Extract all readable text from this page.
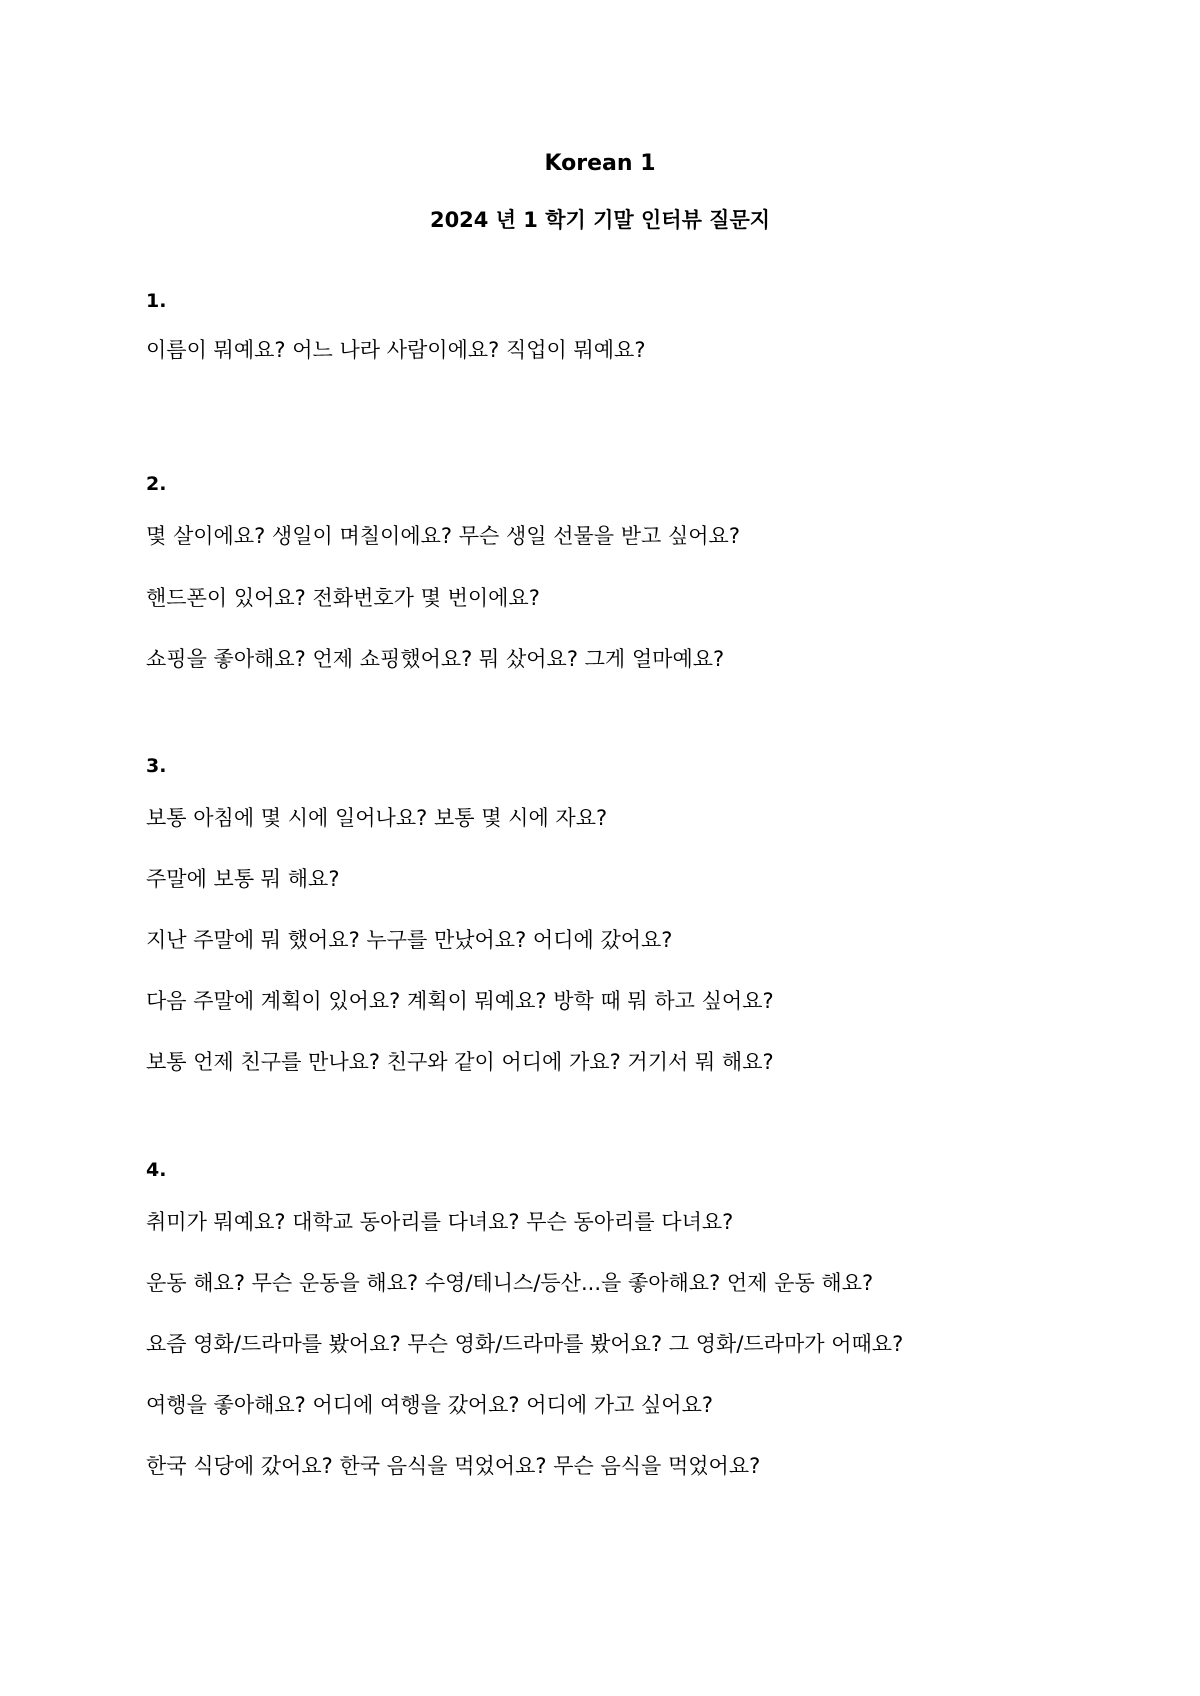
Korean 1
2024 년 1 학기 기말 인터뷰 질문지
1.
이름이 뭐예요? 어느 나라 사람이에요? 직업이 뭐예요?
2.
몇 살이에요? 생일이 며칠이에요? 무슨 생일 선물을 받고 싶어요?
핸드폰이 있어요? 전화번호가 몇 번이에요?
쇼핑을 좋아해요? 언제 쇼핑했어요? 뭐 샀어요? 그게 얼마예요?
3.
보통 아침에 몇 시에 일어나요? 보통 몇 시에 자요?
주말에 보통 뭐 해요?
지난 주말에 뭐 했어요? 누구를 만났어요? 어디에 갔어요?
다음 주말에 계획이 있어요? 계획이 뭐예요? 방학 때 뭐 하고 싶어요?
보통 언제 친구를 만나요? 친구와 같이 어디에 가요? 거기서 뭐 해요?
4.
취미가 뭐예요? 대학교 동아리를 다녀요? 무슨 동아리를 다녀요?
운동 해요? 무슨 운동을 해요? 수영/테니스/등산...을 좋아해요? 언제 운동 해요?
요즘 영화/드라마를 봤어요? 무슨 영화/드라마를 봤어요? 그 영화/드라마가 어때요?
여행을 좋아해요? 어디에 여행을 갔어요? 어디에 가고 싶어요?
한국 식당에 갔어요? 한국 음식을 먹었어요? 무슨 음식을 먹었어요?
